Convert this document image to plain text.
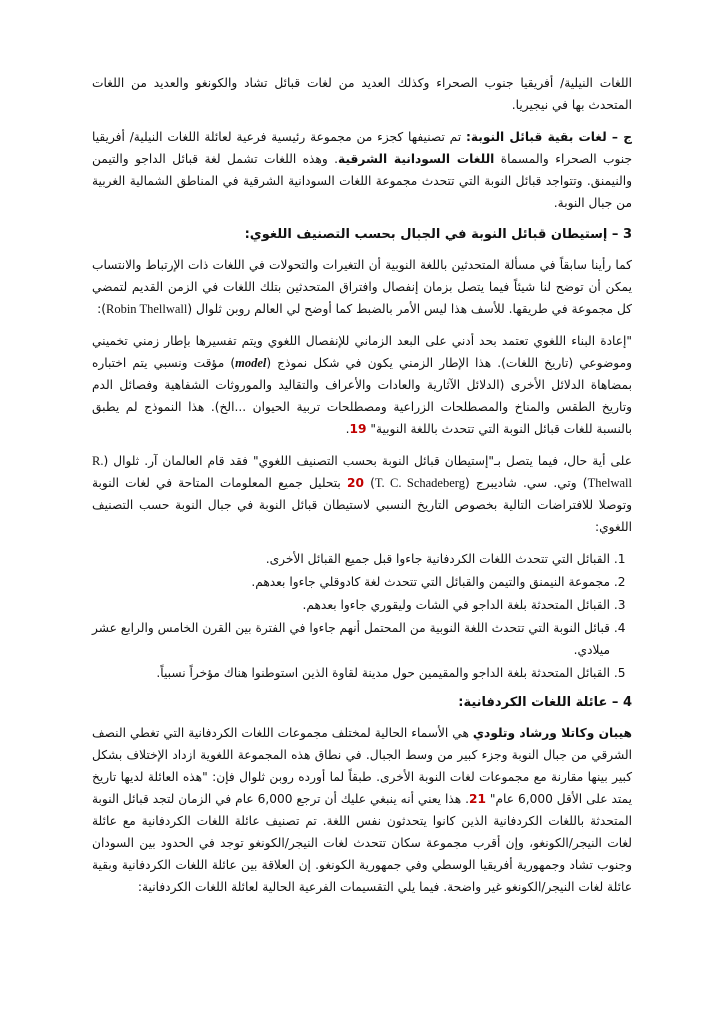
اللغات النيلية/ أفريقيا جنوب الصحراء وكذلك العديد من لغات قبائل تشاد والكونغو والعديد من اللغات المتحدث بها في نيجيريا.

ج – لغات بقية قبائل النوبة: تم تصنيفها كجزء من مجموعة رئيسية فرعية لعائلة اللغات النيلية/ أفريقيا جنوب الصحراء والمسماة اللغات السودانية الشرقية. وهذه اللغات تشمل لغة قبائل الداجو والتيمن والنيمنق. وتتواجد قبائل النوبة التي تتحدث مجموعة اللغات السودانية الشرقية في المناطق الشمالية الغربية من جبال النوبة.

3 – إستيطان قبائل النوبة في الجبال بحسب التصنيف اللغوي:

كما رأينا سابقاً في مسألة المتحدثين باللغة النوبية أن التغيرات والتحولات في اللغات ذات الإرتباط والانتساب يمكن أن توضح لنا شيئاً فيما يتصل بزمان إنفصال وافتراق المتحدثين بتلك اللغات في الزمن القديم لتمضي كل مجموعة في طريقها. للأسف هذا ليس الأمر بالضبط كما أوضح لي العالم روبن ثلوال (Robin Thellwall):

"إعادة البناء اللغوي تعتمد بحد أدني على البعد الزماني للإنفصال اللغوي ويتم تفسيرها بإطار زمني تخميني وموضوعي (تاريخ اللغات). هذا الإطار الزمني يكون في شكل نموذج (model) مؤقت ونسبي يتم اختباره بمضاهاة الدلائل الأخرى (الدلائل الآثارية والعادات والأعراف والتقاليد والموروثات الشفاهية وفصائل الدم وتاريخ الطقس والمناخ والمصطلحات الزراعية ومصطلحات تربية الحيوان ...الخ). هذا النموذج لم يطبق بالنسبة للغات قبائل النوبة التي تتحدث باللغة النوبية" 19.

على أية حال، فيما يتصل بـ"إستيطان قبائل النوبة بحسب التصنيف اللغوي" فقد قام العالمان آر. ثلوال (R. Thelwall) وتي. سي. شاديبرج (T. C. Schadeberg) 20 بتحليل جميع المعلومات المتاحة في لغات النوبة وتوصلا للافتراضات التالية بخصوص التاريخ النسبي لاستيطان قبائل النوبة في جبال النوبة حسب التصنيف اللغوي:

1. القبائل التي تتحدث اللغات الكردفانية جاءوا قبل جميع القبائل الأخرى.
2. مجموعة النيمنق والتيمن والقبائل التي تتحدث لغة كادوقلي جاءوا بعدهم.
3. القبائل المتحدثة بلغة الداجو في الشات وليقوري جاءوا بعدهم.
4. قبائل النوبة التي تتحدث اللغة النوبية من المحتمل أنهم جاءوا في الفترة بين القرن الخامس والرابع عشر ميلادي.
5. القبائل المتحدثة بلغة الداجو والمقيمين حول مدينة لقاوة الذين استوطنوا هناك مؤخراً نسبياً.
4 – عائلة اللغات الكردفانية:

هيبان وكاتلا ورشاد وتلودي هي الأسماء الحالية لمختلف مجموعات اللغات الكردفانية التي تغطي النصف الشرقي من جبال النوبة وجزء كبير من وسط الجبال. في نطاق هذه المجموعة اللغوية ازداد الإختلاف بشكل كبير بينها مقارنة مع مجموعات لغات النوبة الأخرى. طبقاً لما أورده روبن ثلوال فإن: "هذه العائلة لديها تاريخ يمتد على الأقل 6,000 عام" 21. هذا يعني أنه ينبغي عليك أن ترجع 6,000 عام في الزمان لتجد قبائل النوبة المتحدثة باللغات الكردفانية الذين كانوا يتحدثون نفس اللغة. تم تصنيف عائلة اللغات الكردفانية مع عائلة لغات النيجر/الكونغو، وإن أقرب مجموعة سكان تتحدث لغات النيجر/الكونغو توجد في الحدود بين السودان وجنوب تشاد وجمهورية أفريقيا الوسطي وفي جمهورية الكونغو. إن العلاقة بين عائلة اللغات الكردفانية وبقية عائلة لغات النيجر/الكونغو غير واضحة. فيما يلي التقسيمات الفرعية الحالية لعائلة اللغات الكردفانية:
